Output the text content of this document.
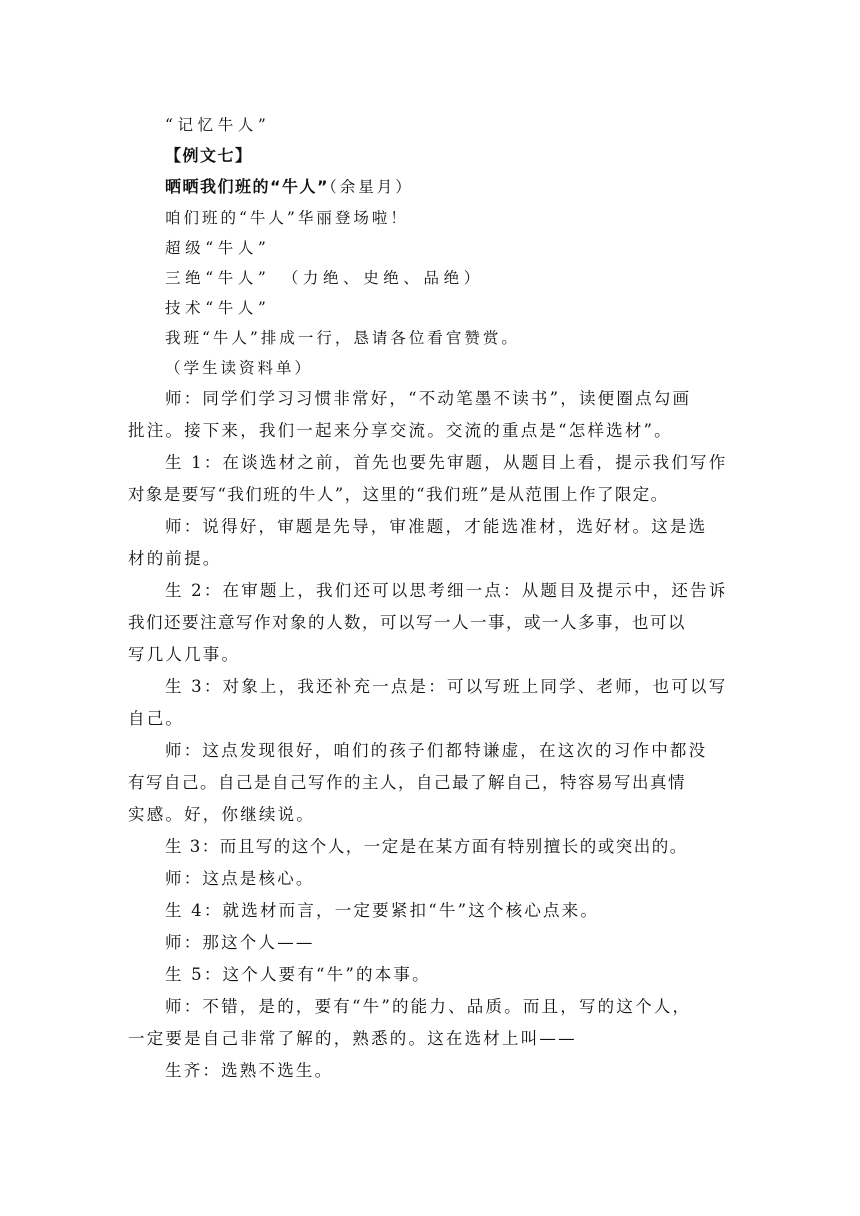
“记忆牛人”

【例文七】

晒晒我们班的“牛人”（余星月）

咱们班的“牛人”华丽登场啦！

超级“牛人”

三绝“牛人”　（力绝、史绝、品绝）

技术“牛人”

我班“牛人”排成一行，恳请各位看官赞赏。

（学生读资料单）

师：同学们学习习惯非常好，“不动笔墨不读书”，读便圈点勾画

批注。接下来，我们一起来分享交流。交流的重点是“怎样选材”。

生 1：在谈选材之前，首先也要先审题，从题目上看，提示我们写作

对象是要写“我们班的牛人”，这里的“我们班”是从范围上作了限定。

师：说得好，审题是先导，审准题，才能选准材，选好材。这是选

材的前提。

生 2：在审题上，我们还可以思考细一点：从题目及提示中，还告诉

我们还要注意写作对象的人数，可以写一人一事，或一人多事，也可以

写几人几事。

生 3：对象上，我还补充一点是：可以写班上同学、老师，也可以写

自己。

师：这点发现很好，咱们的孩子们都特谦虚，在这次的习作中都没

有写自己。自己是自己写作的主人，自己最了解自己，特容易写出真情

实感。好，你继续说。

生 3：而且写的这个人，一定是在某方面有特别擅长的或突出的。

师：这点是核心。

生 4：就选材而言，一定要紧扣“牛”这个核心点来。

师：那这个人——

生 5：这个人要有“牛”的本事。

师：不错，是的，要有“牛”的能力、品质。而且，写的这个人，

一定要是自己非常了解的，熟悉的。这在选材上叫——

生齐：选熟不选生。
